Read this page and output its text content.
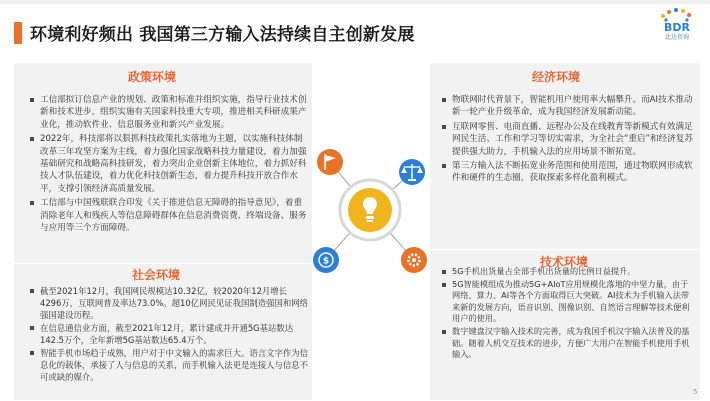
环境利好频出 我国第三方输入法持续自主创新发展	BDR
比达咨询
政策环境
社会环境
经济环境
技术环境
工信部拟订信息产业的规划、政策和标准并组织实施，指导行业技术创新和技术进步，组织实施有关国家科技重大专项，推进相关科研成果产业化，推动软件业、信息服务业和新兴产业发展。
2022年，科技部将以狠抓科技政策扎实落地为主题，以实施科技体制改革三年攻坚方案为主线，着力强化国家战略科技力量建设，着力加强基础研究和战略高科技研发，着力突出企业创新主体地位，着力抓好科技人才队伍建设，着力优化科技创新生态，着力提升科技开放合作水平，支撑引领经济高质量发展。
工信部与中国残联联合印发《关于推进信息无障碍的指导意见》，着重消除老年人和残疾人等信息障碍群体在信息消费资费、终端设备、服务与应用等三个方面障碍。
截至2021年12月，我国网民规模达10.32亿，较2020年12月增长4296万，互联网普及率达73.0%。超10亿网民见证我国制造强国和网络强国建设历程。
在信息通信业方面，截至2021年12月，累计建成并开通5G基站数达142.5万个，全年新增5G基站数达65.4万个。
智能手机市场趋于成熟，用户对于中文输入的需求巨大。语言文字作为信息化的载体，承接了人与信息的关系，而手机输入法更是连接人与信息不可或缺的媒介。
物联网时代背景下，智能机用户使用率大幅攀升。而AI技术推动新一轮产业升级革命，成为我国经济发展新动能。
互联网零售、电商直播、远程办公及在线教育等新模式有效满足网民生活、工作和学习等切实需求，为全社会“重启”和经济复苏提供强大助力，手机输入法的应用场景不断拓宽。
第三方输入法不断拓宽业务范围和使用范围，通过物联网形成软件和硬件的生态圈，获取探索多样化盈利模式。
5G手机出货量占全部手机出货量的比例日益提升。
5G智能模组成为推动5G+AIoT应用规模化落地的中坚力量，由于网络、算力、AI等各个方面取得巨大突破。AI技术为手机输入法带来新的发展方向，语音识别、图像识别、自然语言理解等技术便利用户的使用。
数字键盘汉字输入技术的完善，成为我国手机汉字输入法普及的基础。随着人机交互技术的进步，方便广大用户在智能手机使用手机输入。
$
5
